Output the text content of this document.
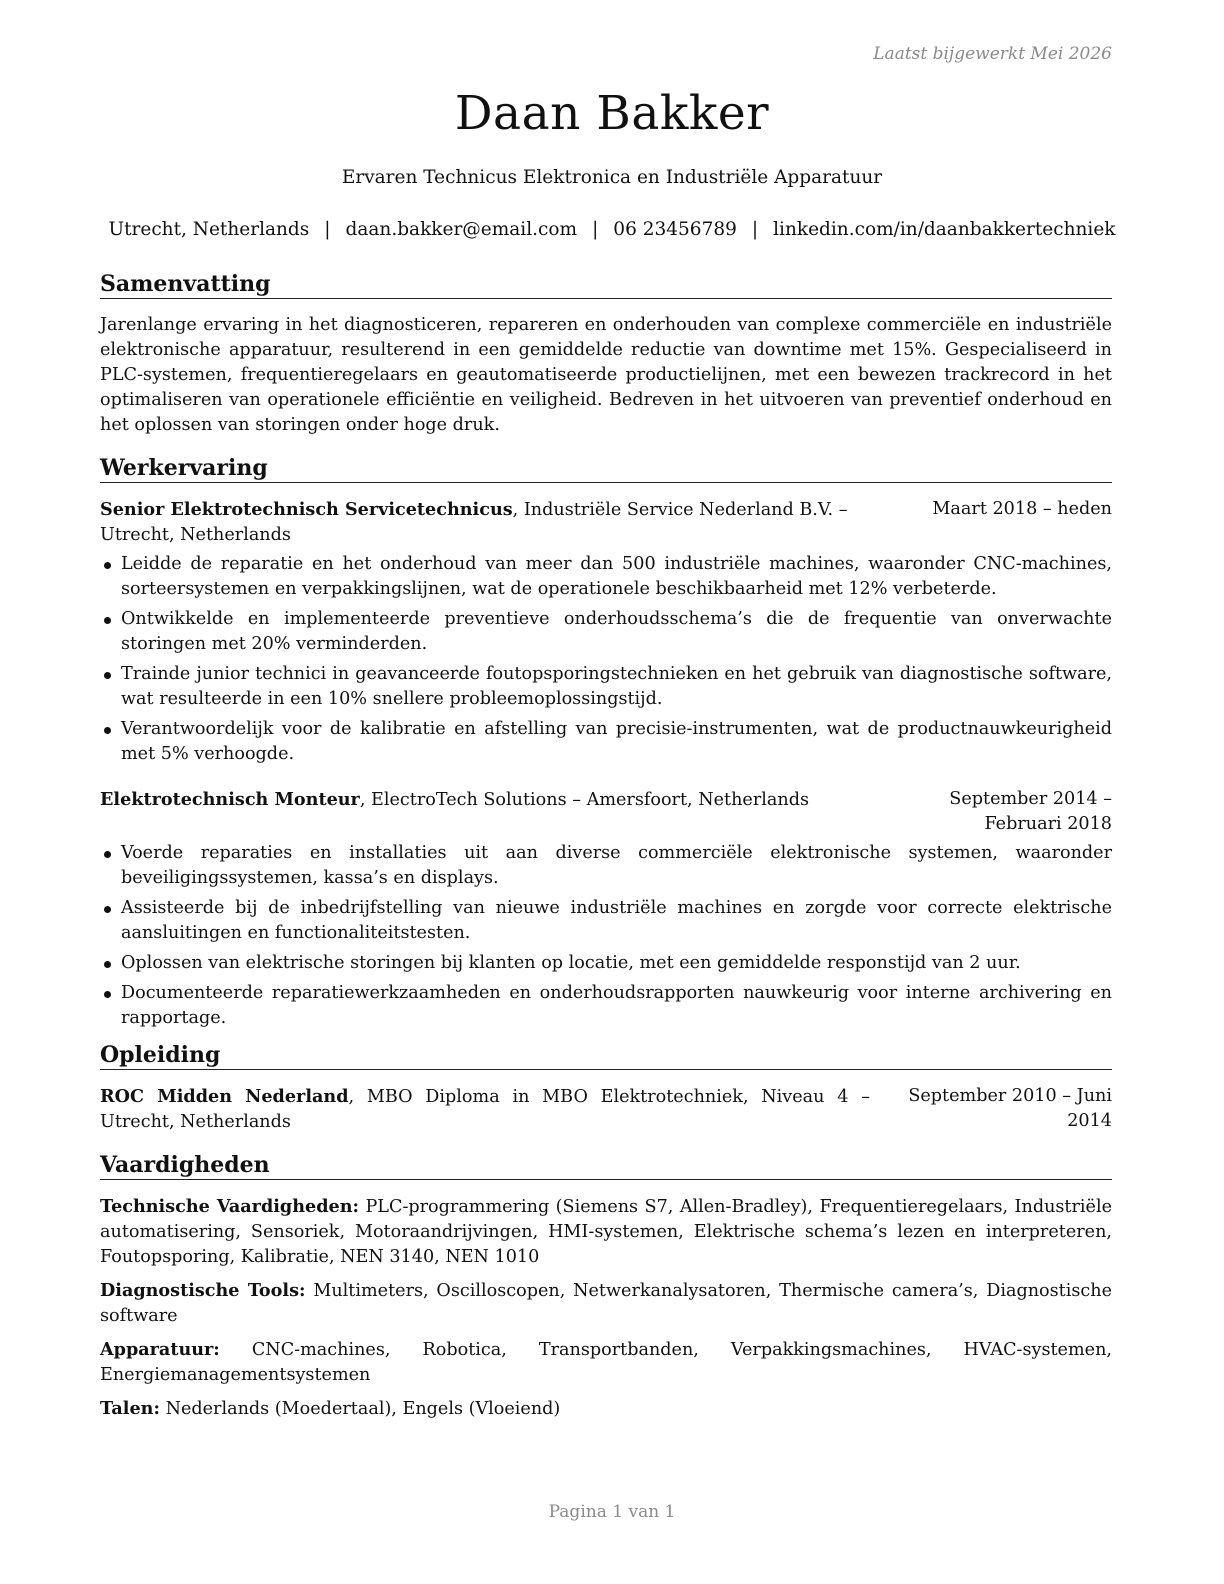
Laatst bijgewerkt Mei 2026
Daan Bakker
Ervaren Technicus Elektronica en Industriële Apparatuur
Utrecht, Netherlands | daan.bakker@email.com | 06 23456789 | linkedin.com/in/daanbakkertechniek
Samenvatting

Jarenlange ervaring in het diagnosticeren, repareren en onderhouden van complexe commerciële en industriële elektronische apparatuur, resulterend in een gemiddelde reductie van downtime met 15%. Gespecialiseerd in PLC-systemen, frequentieregelaars en geautomatiseerde productielijnen, met een bewezen trackrecord in het optimaliseren van operationele efficiëntie en veiligheid. Bedreven in het uitvoeren van preventief onderhoud en het oplossen van storingen onder hoge druk.

Werkervaring
Senior Elektrotechnisch Servicetechnicus, Industriële Service Nederland B.V. – Utrecht, Netherlands
Maart 2018 – heden
Leidde de reparatie en het onderhoud van meer dan 500 industriële machines, waaronder CNC-machines, sorteersystemen en verpakkingslijnen, wat de operationele beschikbaarheid met 12% verbeterde.
Ontwikkelde en implementeerde preventieve onderhoudsschema’s die de frequentie van onverwachte storingen met 20% verminderden.
Trainde junior technici in geavanceerde foutopsporingstechnieken en het gebruik van diagnostische software, wat resulteerde in een 10% snellere probleemoplossingstijd.
Verantwoordelijk voor de kalibratie en afstelling van precisie-instrumenten, wat de productnauwkeurigheid met 5% verhoogde.
Elektrotechnisch Monteur, ElectroTech Solutions – Amersfoort, Netherlands	September 2014 – Februari 2018
Voerde reparaties en installaties uit aan diverse commerciële elektronische systemen, waaronder beveiligingssystemen, kassa’s en displays.
Assisteerde bij de inbedrijfstelling van nieuwe industriële machines en zorgde voor correcte elektrische aansluitingen en functionaliteitstesten.
Oplossen van elektrische storingen bij klanten op locatie, met een gemiddelde responstijd van 2 uur.
Documenteerde reparatiewerkzaamheden en onderhoudsrapporten nauwkeurig voor interne archivering en rapportage.
Opleiding
ROC Midden Nederland, MBO Diploma in MBO Elektrotechniek, Niveau 4 – Utrecht, Netherlands
September 2010 – Juni 2014
Vaardigheden

Technische Vaardigheden: PLC-programmering (Siemens S7, Allen-Bradley), Frequentieregelaars, Industriële automatisering, Sensoriek, Motoraandrijvingen, HMI-systemen, Elektrische schema’s lezen en interpreteren, Foutopsporing, Kalibratie, NEN 3140, NEN 1010

Diagnostische Tools: Multimeters, Oscilloscopen, Netwerkanalysatoren, Thermische camera’s, Diagnostische software

Apparatuur: CNC-machines, Robotica, Transportbanden, Verpakkingsmachines, HVAC-systemen, Energiemanagementsystemen

Talen: Nederlands (Moedertaal), Engels (Vloeiend)

Pagina 1 van 1
